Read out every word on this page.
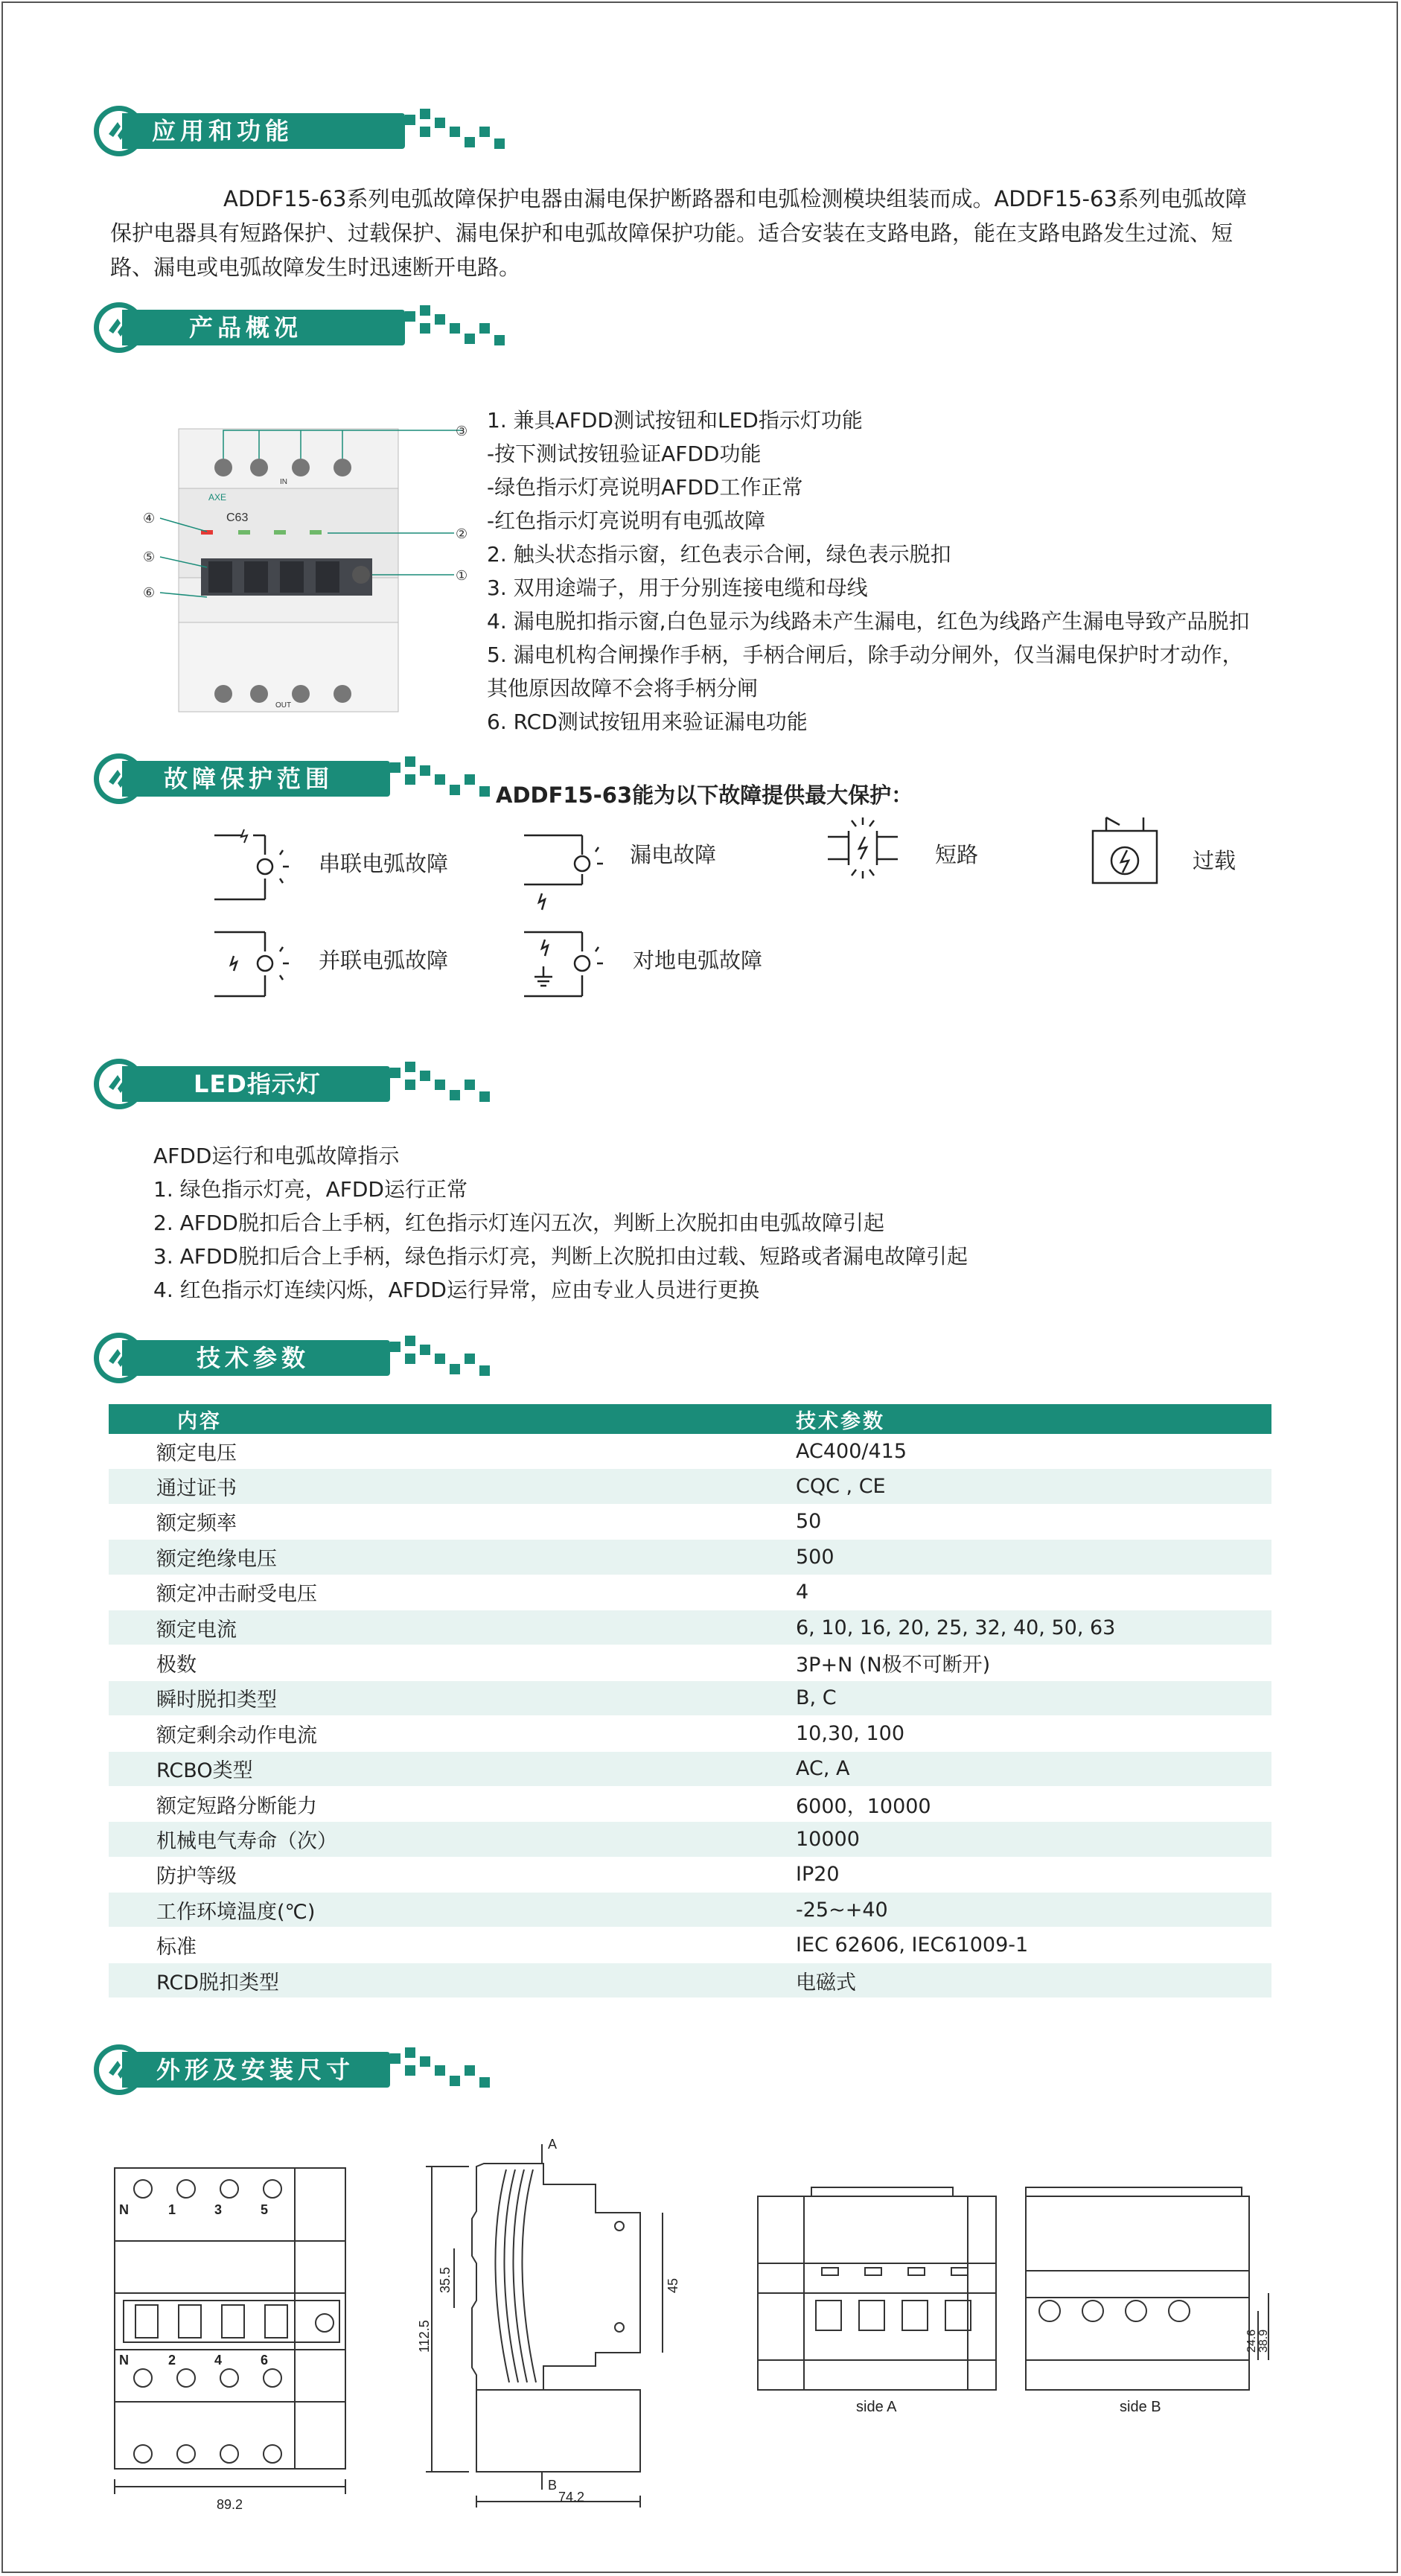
应用和功能
ADDF15-63系列电弧故障保护电器由漏电保护断路器和电弧检测模块组装而成。ADDF15-63系列电弧故障
保护电器具有短路保护、过载保护、漏电保护和电弧故障保护功能。适合安装在支路电路，能在支路电路发生过流、短
路、漏电或电弧故障发生时迅速断开电路。
产品概况
C63
AXE
IN
OUT
③
②
①
④
⑤
⑥
1. 兼具AFDD测试按钮和LED指示灯功能
-按下测试按钮验证AFDD功能
-绿色指示灯亮说明AFDD工作正常
-红色指示灯亮说明有电弧故障
2. 触头状态指示窗，红色表示合闸，绿色表示脱扣
3. 双用途端子，用于分别连接电缆和母线
4. 漏电脱扣指示窗,白色显示为线路未产生漏电，红色为线路产生漏电导致产品脱扣
5. 漏电机构合闸操作手柄，手柄合闸后，除手动分闸外，仅当漏电保护时才动作，
其他原因故障不会将手柄分闸
6. RCD测试按钮用来验证漏电功能
故障保护范围
ADDF15-63能为以下故障提供最大保护：
串联电弧故障	漏电故障	短路	过载
并联电弧故障	对地电弧故障
LED指示灯
AFDD运行和电弧故障指示
1. 绿色指示灯亮，AFDD运行正常
2. AFDD脱扣后合上手柄，红色指示灯连闪五次，判断上次脱扣由电弧故障引起
3. AFDD脱扣后合上手柄，绿色指示灯亮，判断上次脱扣由过载、短路或者漏电故障引起
4. 红色指示灯连续闪烁，AFDD运行异常，应由专业人员进行更换
技术参数
内容	技术参数
额定电压	AC400/415
通过证书	CQC , CE
额定频率	50
额定绝缘电压	500
额定冲击耐受电压	4
额定电流	6, 10, 16, 20, 25, 32, 40, 50, 63
极数	3P+N (N极不可断开)
瞬时脱扣类型	B, C
额定剩余动作电流	10,30, 100
RCBO类型	AC, A
额定短路分断能力	6000，10000
机械电气寿命（次）	10000
防护等级	IP20
工作环境温度(℃)	-25~+40
标准	IEC 62606, IEC61009-1
RCD脱扣类型	电磁式
外形及安装尺寸
N	1	3	5
N	2	4	6
89.2
112.5
35.5	45
A
B
74.2
side A
24.6 38.9
side B
